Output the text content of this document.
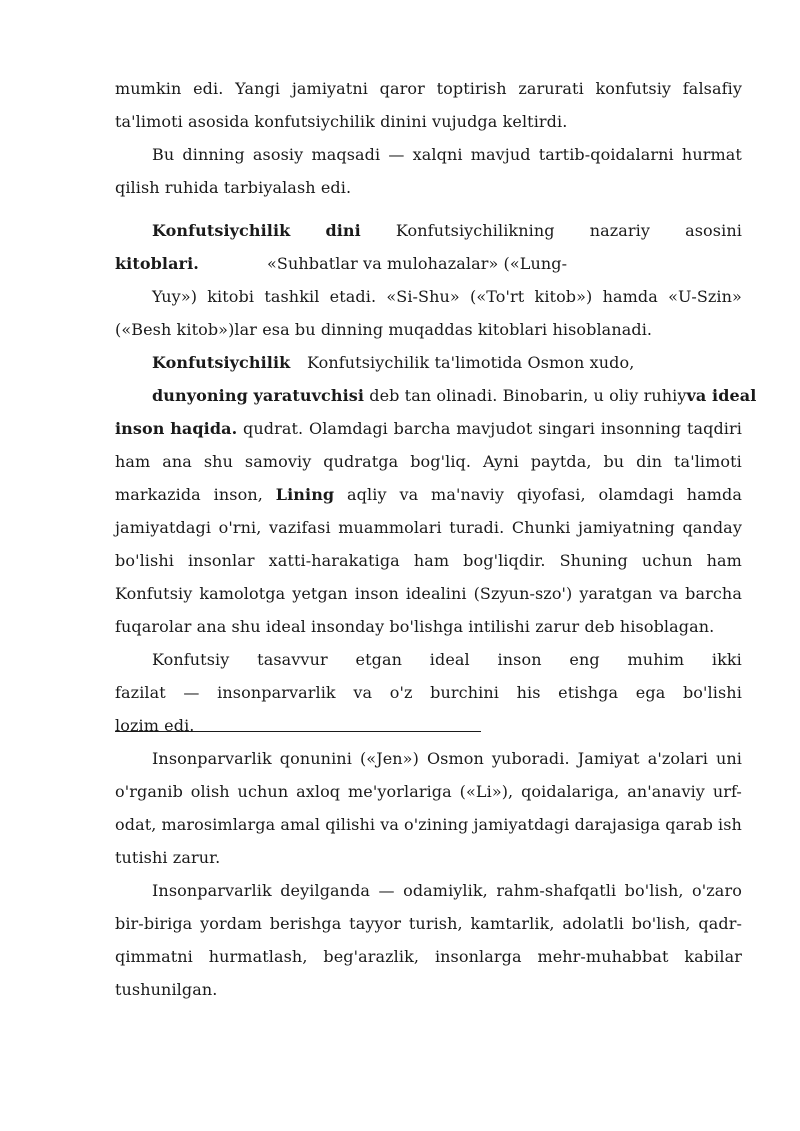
mumkin edi. Yangi jamiyatni qaror toptirish zarurati konfutsiy falsafiy
ta'limoti asosida konfutsiychilik dinini vujudga keltirdi.
Bu dinning asosiy maqsadi — xalqni mavjud tartib-qoidalarni hurmat
qilish ruhida tarbiyalash edi.
Konfutsiychilik dini Konfutsiychilikning nazariy asosini
kitoblari.	«Suhbatlar va mulohazalar» («Lung-
Yuy») kitobi tashkil etadi. «Si-Shu» («To'rt kitob») hamda «U-Szin»
(«Besh kitob»)lar esa bu dinning muqaddas kitoblari hisoblanadi.
Konfutsiychilik	Konfutsiychilik ta'limotida Osmon xudo,
dunyoning yaratuvchisi deb tan olinadi. Binobarin, u oliy ruhiy va ideal
inson haqida. qudrat. Olamdagi barcha mavjudot singari insonning taqdiri
ham ana shu samoviy qudratga bog'liq. Ayni paytda, bu din ta'limoti
markazida inson, Lining aqliy va ma'naviy qiyofasi, olamdagi hamda
jamiyatdagi o'rni, vazifasi muammolari turadi. Chunki jamiyatning qanday
bo'lishi insonlar xatti-harakatiga ham bog'liqdir. Shuning uchun ham
Konfutsiy kamolotga yetgan inson idealini (Szyun-szo') yaratgan va barcha
fuqarolar ana shu ideal insonday bo'lishga intilishi zarur deb hisoblagan.
Konfutsiy tasavvur etgan ideal inson eng muhim ikki
fazilat — insonparvarlik va o'z burchini his etishga ega bo'lishi
lozim edi.
Insonparvarlik qonunini («Jen») Osmon yuboradi. Jamiyat a'zolari uni
o'rganib olish uchun axloq me'yorlariga («Li»), qoidalariga, an'anaviy urf-
odat, marosimlarga amal qilishi va o'zining jamiyatdagi darajasiga qarab ish
tutishi zarur.
Insonparvarlik deyilganda — odamiylik, rahm-shafqatli bo'lish, o'zaro
bir-biriga yordam berishga tayyor turish, kamtarlik, adolatli bo'lish, qadr-
qimmatni hurmatlash, beg'arazlik, insonlarga mehr-muhabbat kabilar
tushunilgan.
